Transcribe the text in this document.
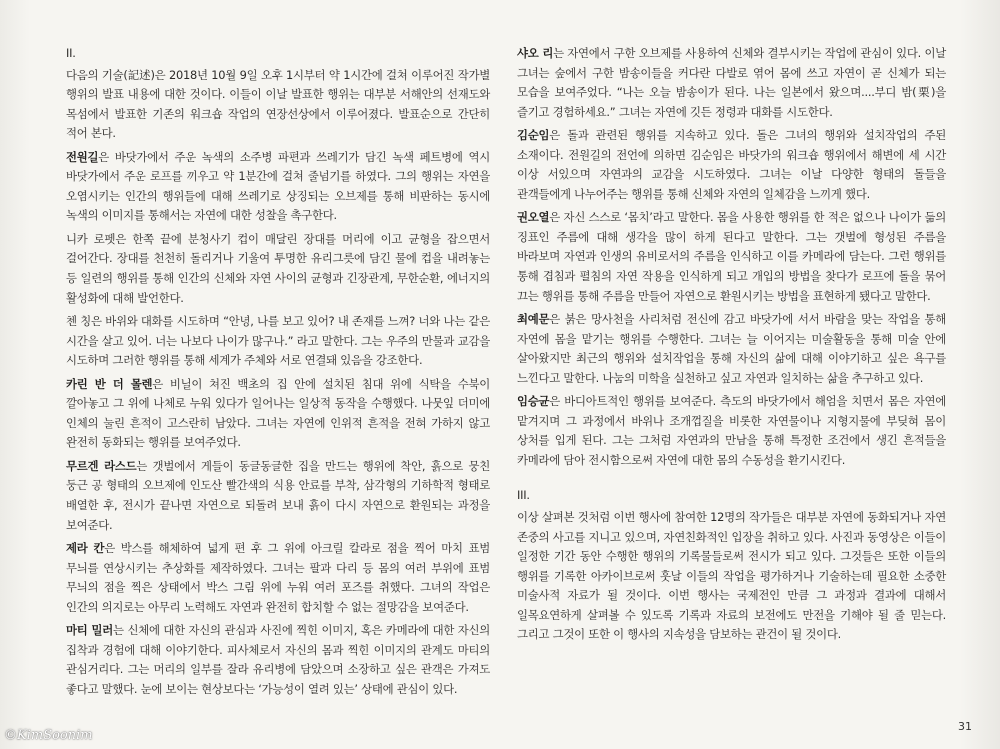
II.

다음의 기술(記述)은 2018년 10월 9일 오후 1시부터 약 1시간에 걸쳐 이루어진 작가별 행위의 발표 내용에 대한 것이다. 이들이 이날 발표한 행위는 대부분 서해안의 선재도와 목섬에서 발표한 기존의 워크숍 작업의 연장선상에서 이루어졌다. 발표순으로 간단히 적어 본다.

전원길은 바닷가에서 주운 녹색의 소주병 파편과 쓰레기가 담긴 녹색 페트병에 역시 바닷가에서 주운 로프를 끼우고 약 1분간에 걸쳐 줄넘기를 하였다. 그의 행위는 자연을 오염시키는 인간의 행위들에 대해 쓰레기로 상징되는 오브제를 통해 비판하는 동시에 녹색의 이미지를 통해서는 자연에 대한 성찰을 촉구한다.

니카 로펫은 한쪽 끝에 분청사기 컵이 매달린 장대를 머리에 이고 균형을 잡으면서 걸어간다. 장대를 천천히 돌리거나 기울여 투명한 유리그릇에 담긴 물에 컵을 내려놓는 등 일련의 행위를 통해 인간의 신체와 자연 사이의 균형과 긴장관계, 무한순환, 에너지의 활성화에 대해 발언한다.

첸 칭은 바위와 대화를 시도하며 “안녕, 나를 보고 있어? 내 존재를 느껴? 너와 나는 같은 시간을 살고 있어. 너는 나보다 나이가 많구나.” 라고 말한다. 그는 우주의 만물과 교감을 시도하며 그러한 행위를 통해 세계가 주체와 서로 연결돼 있음을 강조한다.

카린 반 더 몰렌은 비닐이 쳐진 백초의 집 안에 설치된 침대 위에 식탁을 수북이 깔아놓고 그 위에 나체로 누워 있다가 일어나는 일상적 동작을 수행했다. 나뭇잎 더미에 인체의 눌린 흔적이 고스란히 남았다. 그녀는 자연에 인위적 흔적을 전혀 가하지 않고 완전히 동화되는 행위를 보여주었다.

무르겐 라스드는 갯벌에서 게들이 동글동글한 집을 만드는 행위에 착안, 흙으로 뭉친 둥근 공 형태의 오브제에 인도산 빨간색의 식용 안료를 부착, 삼각형의 기하학적 형태로 배열한 후, 전시가 끝나면 자연으로 되돌려 보내 흙이 다시 자연으로 환원되는 과정을 보여준다.

제라 칸은 박스를 해체하여 넓게 편 후 그 위에 아크릴 칼라로 점을 찍어 마치 표범 무늬를 연상시키는 추상화를 제작하였다. 그녀는 팔과 다리 등 몸의 여러 부위에 표범 무늬의 점을 찍은 상태에서 박스 그림 위에 누워 여러 포즈를 취했다. 그녀의 작업은 인간의 의지로는 아무리 노력해도 자연과 완전히 합치할 수 없는 절망감을 보여준다.

마티 밀러는 신체에 대한 자신의 관심과 사진에 찍힌 이미지, 혹은 카메라에 대한 자신의 집착과 경험에 대해 이야기한다. 피사체로서 자신의 몸과 찍힌 이미지의 관계도 마티의 관심거리다. 그는 머리의 일부를 잘라 유리병에 담았으며 소장하고 싶은 관객은 가져도 좋다고 말했다. 눈에 보이는 현상보다는 ‘가능성이 열려 있는’ 상태에 관심이 있다.

샤오 리는 자연에서 구한 오브제를 사용하여 신체와 결부시키는 작업에 관심이 있다. 이날 그녀는 숲에서 구한 밤송이들을 커다란 다발로 엮어 몸에 쓰고 자연이 곧 신체가 되는 모습을 보여주었다. “나는 오늘 밤송이가 된다. 나는 일본에서 왔으며....부디 밤(栗)을 즐기고 경험하세요.” 그녀는 자연에 깃든 정령과 대화를 시도한다.

김순임은 돌과 관련된 행위를 지속하고 있다. 돌은 그녀의 행위와 설치작업의 주된 소재이다. 전원길의 전언에 의하면 김순임은 바닷가의 워크숍 행위에서 해변에 세 시간 이상 서있으며 자연과의 교감을 시도하였다. 그녀는 이날 다양한 형태의 돌들을 관객들에게 나누어주는 행위를 통해 신체와 자연의 일체감을 느끼게 했다.

권오열은 자신 스스로 ‘몸치’라고 말한다. 몸을 사용한 행위를 한 적은 없으나 나이가 듦의 징표인 주름에 대해 생각을 많이 하게 된다고 말한다. 그는 갯벌에 형성된 주름을 바라보며 자연과 인생의 유비로서의 주름을 인식하고 이를 카메라에 담는다. 그런 행위를 통해 겹침과 펼침의 자연 작용을 인식하게 되고 개입의 방법을 찾다가 로프에 돌을 묶어 끄는 행위를 통해 주름을 만들어 자연으로 환원시키는 방법을 표현하게 됐다고 말한다.

최예문은 붉은 망사천을 사리처럼 전신에 감고 바닷가에 서서 바람을 맞는 작업을 통해 자연에 몸을 맡기는 행위를 수행한다. 그녀는 늘 이어지는 미술활동을 통해 미술 안에 살아왔지만 최근의 행위와 설치작업을 통해 자신의 삶에 대해 이야기하고 싶은 욕구를 느낀다고 말한다. 나눔의 미학을 실천하고 싶고 자연과 일치하는 삶을 추구하고 있다.

임승균은 바디아트적인 행위를 보여준다. 측도의 바닷가에서 해엄을 치면서 몸은 자연에 맡겨지며 그 과정에서 바위나 조개껍질을 비롯한 자연물이나 지형지물에 부딪혀 몸이 상처를 입게 된다. 그는 그처럼 자연과의 만남을 통해 특정한 조건에서 생긴 흔적들을 카메라에 담아 전시함으로써 자연에 대한 몸의 수동성을 환기시킨다.

III.

이상 살펴본 것처럼 이번 행사에 참여한 12명의 작가들은 대부분 자연에 동화되거나 자연 존중의 사고를 지니고 있으며, 자연친화적인 입장을 취하고 있다. 사진과 동영상은 이들이 일정한 기간 동안 수행한 행위의 기록물들로써 전시가 되고 있다. 그것들은 또한 이들의 행위를 기록한 아카이브로써 훗날 이들의 작업을 평가하거나 기술하는데 필요한 소중한 미술사적 자료가 될 것이다. 이번 행사는 국제전인 만큼 그 과정과 결과에 대해서 일목요연하게 살펴볼 수 있도록 기록과 자료의 보전에도 만전을 기해야 될 줄 믿는다. 그리고 그것이 또한 이 행사의 지속성을 담보하는 관건이 될 것이다.

31
©KimSoonim
